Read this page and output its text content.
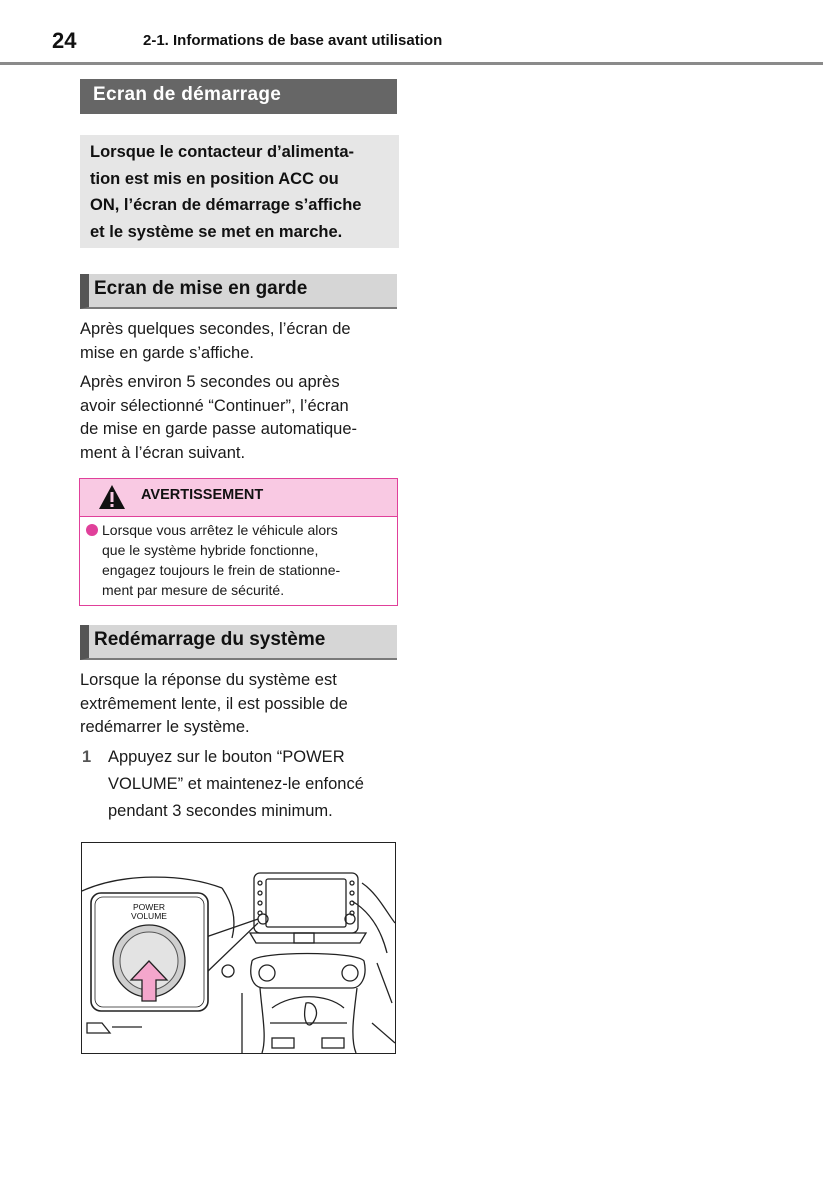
24	2-1. Informations de base avant utilisation
Ecran de démarrage
Lorsque le contacteur d’alimenta-
tion est mis en position ACC ou
ON, l’écran de démarrage s’affiche
et le système se met en marche.
Ecran de mise en garde
Après quelques secondes, l’écran de
mise en garde s’affiche.
Après environ 5 secondes ou après
avoir sélectionné “Continuer”, l’écran
de mise en garde passe automatique-
ment à l’écran suivant.
AVERTISSEMENT
Lorsque vous arrêtez le véhicule alors
que le système hybride fonctionne,
engagez toujours le frein de stationne-
ment par mesure de sécurité.
Redémarrage du système
Lorsque la réponse du système est
extrêmement lente, il est possible de
redémarrer le système.
1 Appuyez sur le bouton “POWER
VOLUME” et maintenez-le enfoncé
pendant 3 secondes minimum.
POWER
VOLUME
